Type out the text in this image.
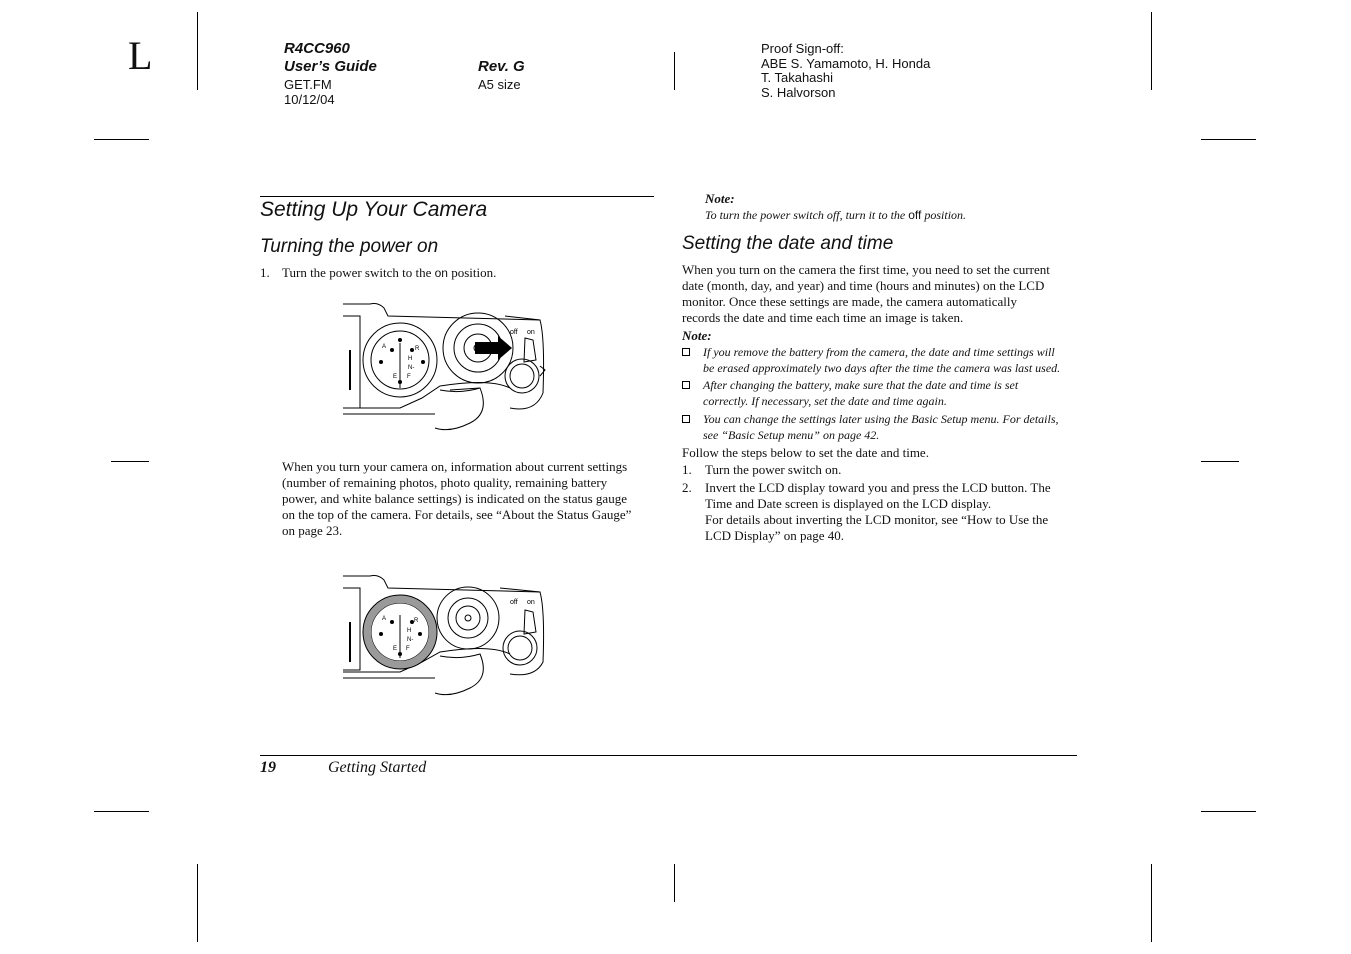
L	R4CC960
User’s Guide
GET.FM
10/12/04
Rev. G
A5 size
Proof Sign-off:
ABE S. Yamamoto, H. Honda
T. Takahashi
S. Halvorson
Setting Up Your Camera
Turning the power on
1. Turn the power switch to the on position.
off on
R
H
N-
F
E
A
When you turn your camera on, information about current settings
(number of remaining photos, photo quality, remaining battery
power, and white balance settings) is indicated on the status gauge
on the top of the camera. For details, see “About the Status Gauge”
on page 23.
off on
R
H
N-
F
E
A
Note:
To turn the power switch off, turn it to the off position.
Setting the date and time
When you turn on the camera the first time, you need to set the current
date (month, day, and year) and time (hours and minutes) on the LCD
monitor. Once these settings are made, the camera automatically
records the date and time each time an image is taken.
Note:
If you remove the battery from the camera, the date and time settings will
be erased approximately two days after the time the camera was last used.
After changing the battery, make sure that the date and time is set
correctly. If necessary, set the date and time again.
You can change the settings later using the Basic Setup menu. For details,
see “Basic Setup menu” on page 42.
Follow the steps below to set the date and time.
1. Turn the power switch on.
2. Invert the LCD display toward you and press the LCD button. The
Time and Date screen is displayed on the LCD display.
For details about inverting the LCD monitor, see “How to Use the
LCD Display” on page 40.
19	Getting Started
